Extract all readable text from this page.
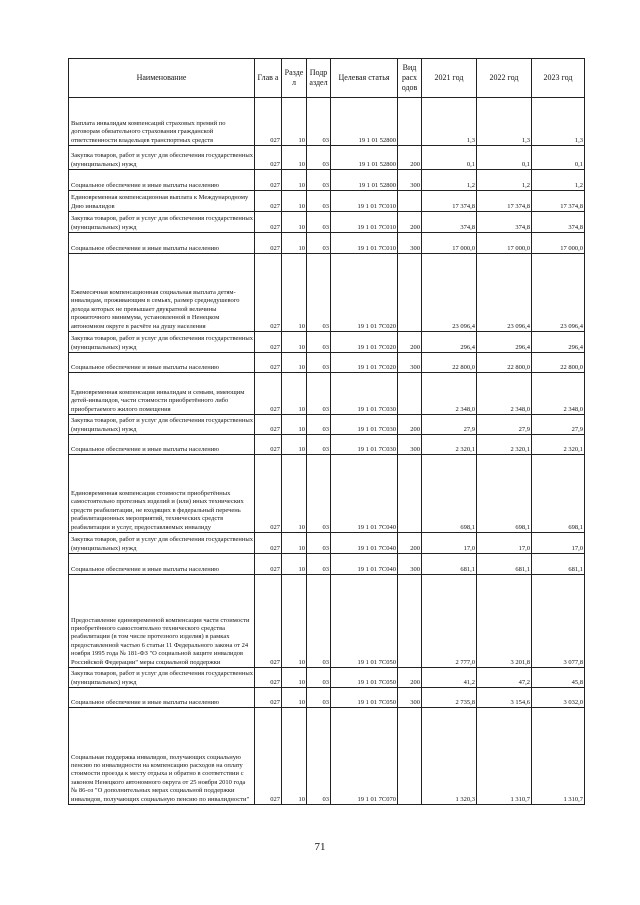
Наименование	Глав а	Разде л	Подр аздел	Целевая статья	Вид расх одов	2021 год	2022 год	2023 год
Выплата инвалидам компенсаций страховых премий по договорам обязательного страхования гражданской ответственности владельцев транспортных средств	027	10	03	19 1 01 52800		1,3	1,3	1,3
Закупка товаров, работ и услуг для обеспечения государственных (муниципальных) нужд	027	10	03	19 1 01 52800	200	0,1	0,1	0,1
Социальное обеспечение и иные выплаты населению	027	10	03	19 1 01 52800	300	1,2	1,2	1,2
Единовременная компенсационная выплата к Международному Дню инвалидов	027	10	03	19 1 01 7С010		17 374,8	17 374,8	17 374,8
Закупка товаров, работ и услуг для обеспечения государственных (муниципальных) нужд	027	10	03	19 1 01 7С010	200	374,8	374,8	374,8
Социальное обеспечение и иные выплаты населению	027	10	03	19 1 01 7С010	300	17 000,0	17 000,0	17 000,0
Ежемесячная компенсационная социальная выплата детям-инвалидам, проживающим в семьях, размер среднедушевого дохода которых не превышает двукратной величины прожиточного минимума, установленной в Ненецком автономном округе в расчёте на душу населения	027	10	03	19 1 01 7С020		23 096,4	23 096,4	23 096,4
Закупка товаров, работ и услуг для обеспечения государственных (муниципальных) нужд	027	10	03	19 1 01 7С020	200	296,4	296,4	296,4
Социальное обеспечение и иные выплаты населению	027	10	03	19 1 01 7С020	300	22 800,0	22 800,0	22 800,0
Единовременная компенсация инвалидам и семьям, имеющим детей-инвалидов, части стоимости приобретённого либо приобретаемого жилого помещения	027	10	03	19 1 01 7С030		2 348,0	2 348,0	2 348,0
Закупка товаров, работ и услуг для обеспечения государственных (муниципальных) нужд	027	10	03	19 1 01 7С030	200	27,9	27,9	27,9
Социальное обеспечение и иные выплаты населению	027	10	03	19 1 01 7С030	300	2 320,1	2 320,1	2 320,1
Единовременная компенсация стоимости приобретённых самостоятельно протезных изделий и (или) иных технических средств реабилитации, не входящих в федеральный перечень реабилитационных мероприятий, технических средств реабилитации и услуг, предоставляемых инвалиду	027	10	03	19 1 01 7С040		698,1	698,1	698,1
Закупка товаров, работ и услуг для обеспечения государственных (муниципальных) нужд	027	10	03	19 1 01 7С040	200	17,0	17,0	17,0
Социальное обеспечение и иные выплаты населению	027	10	03	19 1 01 7С040	300	681,1	681,1	681,1
Предоставление единовременной компенсации части стоимости приобретённого самостоятельно технического средства реабилитации (в том числе протезного изделия) в рамках предоставленной частью 6 статьи 11 Федерального закона от 24 ноября 1995 года № 181-ФЗ "О социальной защите инвалидов Российской Федерации" меры социальной поддержки	027	10	03	19 1 01 7С050		2 777,0	3 201,8	3 077,8
Закупка товаров, работ и услуг для обеспечения государственных (муниципальных) нужд	027	10	03	19 1 01 7С050	200	41,2	47,2	45,8
Социальное обеспечение и иные выплаты населению	027	10	03	19 1 01 7С050	300	2 735,8	3 154,6	3 032,0
Социальная поддержка инвалидов, получающих социальную пенсию по инвалидности на компенсацию расходов на оплату стоимости проезда к месту отдыха и обратно в соответствии с законом Ненецкого автономного округа от 25 ноября 2010 года № 86-оз "О дополнительных мерах социальной поддержки инвалидов, получающих социальную пенсию по инвалидности"	027	10	03	19 1 01 7С070		1 320,3	1 310,7	1 310,7
71
